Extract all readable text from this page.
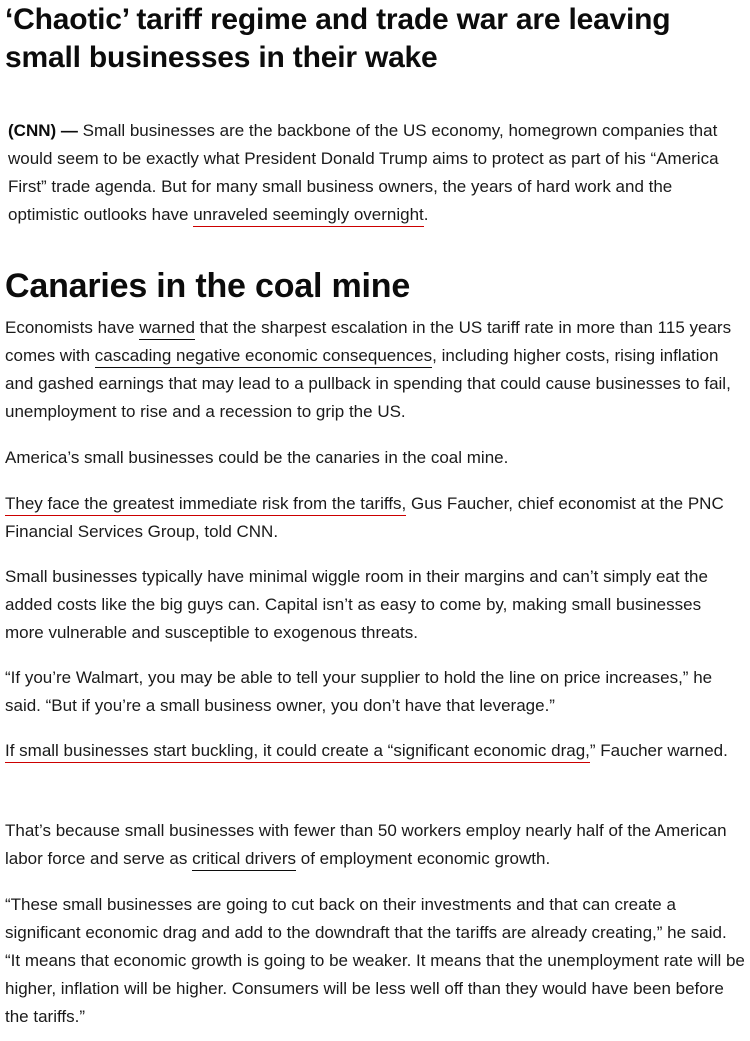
‘Chaotic’ tariff regime and trade war are leaving small businesses in their wake

(CNN) — Small businesses are the backbone of the US economy, homegrown companies that would seem to be exactly what President Donald Trump aims to protect as part of his “America First” trade agenda. But for many small business owners, the years of hard work and the optimistic outlooks have unraveled seemingly overnight.

Canaries in the coal mine

Economists have warned that the sharpest escalation in the US tariff rate in more than 115 years comes with cascading negative economic consequences, including higher costs, rising inflation and gashed earnings that may lead to a pullback in spending that could cause businesses to fail, unemployment to rise and a recession to grip the US.

America’s small businesses could be the canaries in the coal mine.

They face the greatest immediate risk from the tariffs, Gus Faucher, chief economist at the PNC Financial Services Group, told CNN.

Small businesses typically have minimal wiggle room in their margins and can’t simply eat the added costs like the big guys can. Capital isn’t as easy to come by, making small businesses more vulnerable and susceptible to exogenous threats.

“If you’re Walmart, you may be able to tell your supplier to hold the line on price increases,” he said. “But if you’re a small business owner, you don’t have that leverage.”

If small businesses start buckling, it could create a “significant economic drag,” Faucher warned.

That’s because small businesses with fewer than 50 workers employ nearly half of the American labor force and serve as critical drivers of employment economic growth.

“These small businesses are going to cut back on their investments and that can create a significant economic drag and add to the downdraft that the tariffs are already creating,” he said. “It means that economic growth is going to be weaker. It means that the unemployment rate will be higher, inflation will be higher. Consumers will be less well off than they would have been before the tariffs.”
